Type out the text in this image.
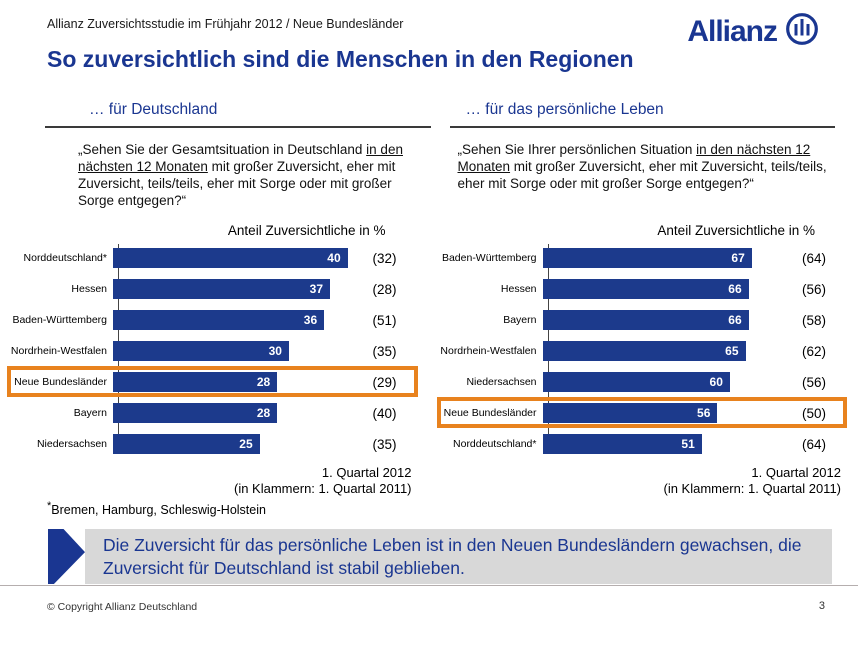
Allianz Zuversichtsstudie im Frühjahr 2012 / Neue Bundesländer	Allianz
So zuversichtlich sind die Menschen in den Regionen
… für Deutschland

„Sehen Sie der Gesamtsituation in Deutschland in den nächsten 12 Monaten mit großer Zuversicht, eher mit Zuversicht, teils/teils, eher mit Sorge oder mit großer Sorge entgegen?“

… für das persönliche Leben

„Sehen Sie Ihrer persönlichen Situation in den nächsten 12 Monaten mit großer Zuversicht, eher mit Zuversicht, teils/teils, eher mit Sorge oder mit großer Sorge entgegen?“

Anteil Zuversichtliche in %
Norddeutschland*	40	(32)
Hessen	37	(28)
Baden-Württemberg	36	(51)
Nordrhein-Westfalen	30	(35)
Neue Bundesländer	28	(29)
Bayern	28	(40)
Niedersachsen	25	(35)
1. Quartal 2012
(in Klammern: 1. Quartal 2011)
Anteil Zuversichtliche in %
Baden-Württemberg	67	(64)
Hessen	66	(56)
Bayern	66	(58)
Nordrhein-Westfalen	65	(62)
Niedersachsen	60	(56)
Neue Bundesländer	56	(50)
Norddeutschland*	51	(64)
1. Quartal 2012
(in Klammern: 1. Quartal 2011)
*Bremen, Hamburg, Schleswig-Holstein
Die Zuversicht für das persönliche Leben ist in den Neuen Bundesländern gewachsen, die Zuversicht für Deutschland ist stabil geblieben.
© Copyright Allianz Deutschland	3
